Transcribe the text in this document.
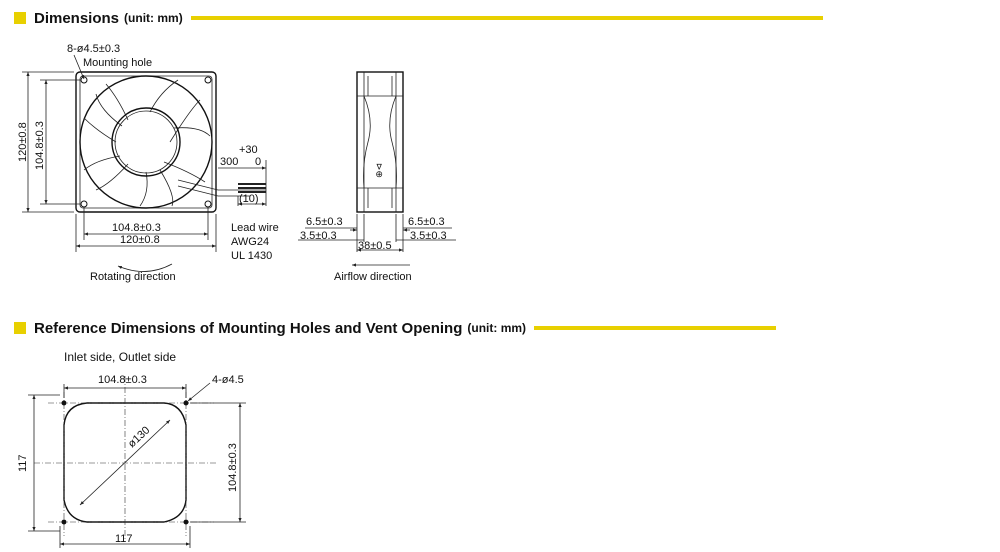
Dimensions (unit: mm)
8-ø4.5±0.3
Mounting hole
120±0.8 104.8±0.3
104.8±0.3
120±0.8
Rotating direction
+30
300 0
(10)
Lead wire
AWG24
UL 1430
⊕⊲
6.5±0.3
3.5±0.3
6.5±0.3
3.5±0.3
38±0.5
Airflow direction
Reference Dimensions of Mounting Holes and Vent Opening (unit: mm)
Inlet side, Outlet side
ø130
104.8±0.3	4-ø4.5
117	104.8±0.3
117
